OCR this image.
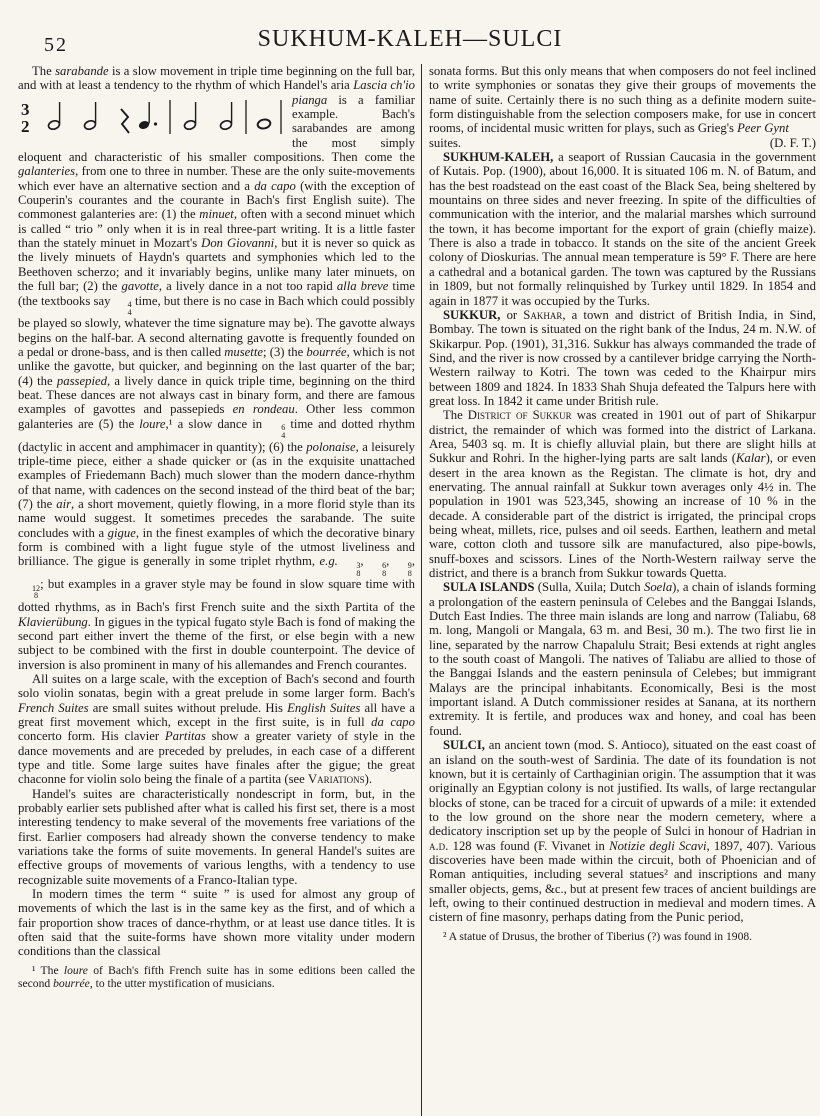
52	SUKHUM-KALEH—SULCI

The sarabande is a slow movement in triple time beginning on the full bar, and with at least a tendency to the rhythm
3
2
of which Handel's aria Lascia ch'io pianga is a familiar example. Bach's sarabandes are among the most simply eloquent and characteristic of his smaller compositions. Then come the galanteries, from one to three in number. These are the only suite-movements which ever have an alternative section and a da capo (with the exception of Couperin's courantes and the courante in Bach's first English suite). The commonest galanteries are: (1) the minuet, often with a second minuet which is called “ trio ” only when it is in real three-part writing. It is a little faster than the stately minuet in Mozart's Don Giovanni, but it is never so quick as the lively minuets of Haydn's quartets and symphonies which led to the Beethoven scherzo; and it invariably begins, unlike many later minuets, on the full bar; (2) the gavotte, a lively dance in a not too rapid alla breve time (the textbooks say	4
4
time, but there is no case in Bach which could possibly be played so slowly, whatever the time signature may be). The gavotte always begins on the half-bar. A second alternating gavotte is frequently founded on a pedal or drone-bass, and is then called musette; (3) the bourrée, which is not unlike the gavotte, but quicker, and beginning on the last quarter of the bar; (4) the passepied, a lively dance in quick triple time, beginning on the third beat. These dances are not always cast in binary form, and there are famous examples of gavottes and passepieds en rondeau. Other less common galanteries are (5) the loure,¹ a slow dance in	6
4
time and dotted rhythm (dactylic in accent and amphimacer in quantity); (6) the polonaise, a leisurely triple-time piece, either a shade quicker or (as in the exquisite unattached examples of Friedemann Bach) much slower than the modern dance-rhythm of that name, with cadences on the second instead of the third beat of the bar; (7) the air, a short movement, quietly flowing, in a more florid style than its name would suggest. It sometimes precedes the sarabande. The suite concludes with a gigue, in the finest examples of which the decorative binary form is combined with a light fugue style of the utmost liveliness and brilliance. The gigue is generally in some triplet rhythm, e.g.	3
8
,	6
8
,	9
8
,
12
8
; but examples in a graver style may be found in slow square time with dotted rhythms, as in Bach's first French suite and the sixth Partita of the Klavierübung. In gigues in the typical fugato style Bach is fond of making the second part either invert the theme of the first, or else begin with a new subject to be combined with the first in double counterpoint. The device of inversion is also prominent in many of his allemandes and French courantes.

All suites on a large scale, with the exception of Bach's second and fourth solo violin sonatas, begin with a great prelude in some larger form. Bach's French Suites are small suites without prelude. His English Suites all have a great first movement which, except in the first suite, is in full da capo concerto form. His clavier Partitas show a greater variety of style in the dance movements and are preceded by preludes, in each case of a different type and title. Some large suites have finales after the gigue; the great chaconne for violin solo being the finale of a partita (see Variations).

Handel's suites are characteristically nondescript in form, but, in the probably earlier sets published after what is called his first set, there is a most interesting tendency to make several of the movements free variations of the first. Earlier composers had already shown the converse tendency to make variations take the forms of suite movements. In general Handel's suites are effective groups of movements of various lengths, with a tendency to use recognizable suite movements of a Franco-Italian type.

In modern times the term “ suite ” is used for almost any group of movements of which the last is in the same key as the first, and of which a fair proportion show traces of dance-rhythm, or at least use dance titles. It is often said that the suite-forms have shown more vitality under modern conditions than the classical

¹ The loure of Bach's fifth French suite has in some editions been called the second bourrée, to the utter mystification of musicians.

sonata forms. But this only means that when composers do not feel inclined to write symphonies or sonatas they give their groups of movements the name of suite. Certainly there is no such thing as a definite modern suite-form distinguishable from the selection composers make, for use in concert rooms, of incidental music written for plays, such as Grieg's Peer Gynt

suites.	(D. F. T.)

SUKHUM-KALEH, a seaport of Russian Caucasia in the government of Kutais. Pop. (1900), about 16,000. It is situated 106 m. N. of Batum, and has the best roadstead on the east coast of the Black Sea, being sheltered by mountains on three sides and never freezing. In spite of the difficulties of communication with the interior, and the malarial marshes which surround the town, it has become important for the export of grain (chiefly maize). There is also a trade in tobacco. It stands on the site of the ancient Greek colony of Dioskurias. The annual mean temperature is 59° F. There are here a cathedral and a botanical garden. The town was captured by the Russians in 1809, but not formally relinquished by Turkey until 1829. In 1854 and again in 1877 it was occupied by the Turks.

SUKKUR, or Sakhar, a town and district of British India, in Sind, Bombay. The town is situated on the right bank of the Indus, 24 m. N.W. of Skikarpur. Pop. (1901), 31,316. Sukkur has always commanded the trade of Sind, and the river is now crossed by a cantilever bridge carrying the North-Western railway to Kotri. The town was ceded to the Khairpur mirs between 1809 and 1824. In 1833 Shah Shuja defeated the Talpurs here with great loss. In 1842 it came under British rule.

The District of Sukkur was created in 1901 out of part of Shikarpur district, the remainder of which was formed into the district of Larkana. Area, 5403 sq. m. It is chiefly alluvial plain, but there are slight hills at Sukkur and Rohri. In the higher-lying parts are salt lands (Kalar), or even desert in the area known as the Registan. The climate is hot, dry and enervating. The annual rainfall at Sukkur town averages only 4½ in. The population in 1901 was 523,345, showing an increase of 10 % in the decade. A considerable part of the district is irrigated, the principal crops being wheat, millets, rice, pulses and oil seeds. Earthen, leathern and metal ware, cotton cloth and tussore silk are manufactured, also pipe-bowls, snuff-boxes and scissors. Lines of the North-Western railway serve the district, and there is a branch from Sukkur towards Quetta.

SULA ISLANDS (Sulla, Xuila; Dutch Soela), a chain of islands forming a prolongation of the eastern peninsula of Celebes and the Banggai Islands, Dutch East Indies. The three main islands are long and narrow (Taliabu, 68 m. long, Mangoli or Mangala, 63 m. and Besi, 30 m.). The two first lie in line, separated by the narrow Chapalulu Strait; Besi extends at right angles to the south coast of Mangoli. The natives of Taliabu are allied to those of the Banggai Islands and the eastern peninsula of Celebes; but immigrant Malays are the principal inhabitants. Economically, Besi is the most important island. A Dutch commissioner resides at Sanana, at its northern extremity. It is fertile, and produces wax and honey, and coal has been found.

SULCI, an ancient town (mod. S. Antioco), situated on the east coast of an island on the south-west of Sardinia. The date of its foundation is not known, but it is certainly of Carthaginian origin. The assumption that it was originally an Egyptian colony is not justified. Its walls, of large rectangular blocks of stone, can be traced for a circuit of upwards of a mile: it extended to the low ground on the shore near the modern cemetery, where a dedicatory inscription set up by the people of Sulci in honour of Hadrian in a.d. 128 was found (F. Vivanet in Notizie degli Scavi, 1897, 407). Various discoveries have been made within the circuit, both of Phoenician and of Roman antiquities, including several statues² and inscriptions and many smaller objects, gems, &c., but at present few traces of ancient buildings are left, owing to their continued destruction in medieval and modern times. A cistern of fine masonry, perhaps dating from the Punic period,

² A statue of Drusus, the brother of Tiberius (?) was found in 1908.
